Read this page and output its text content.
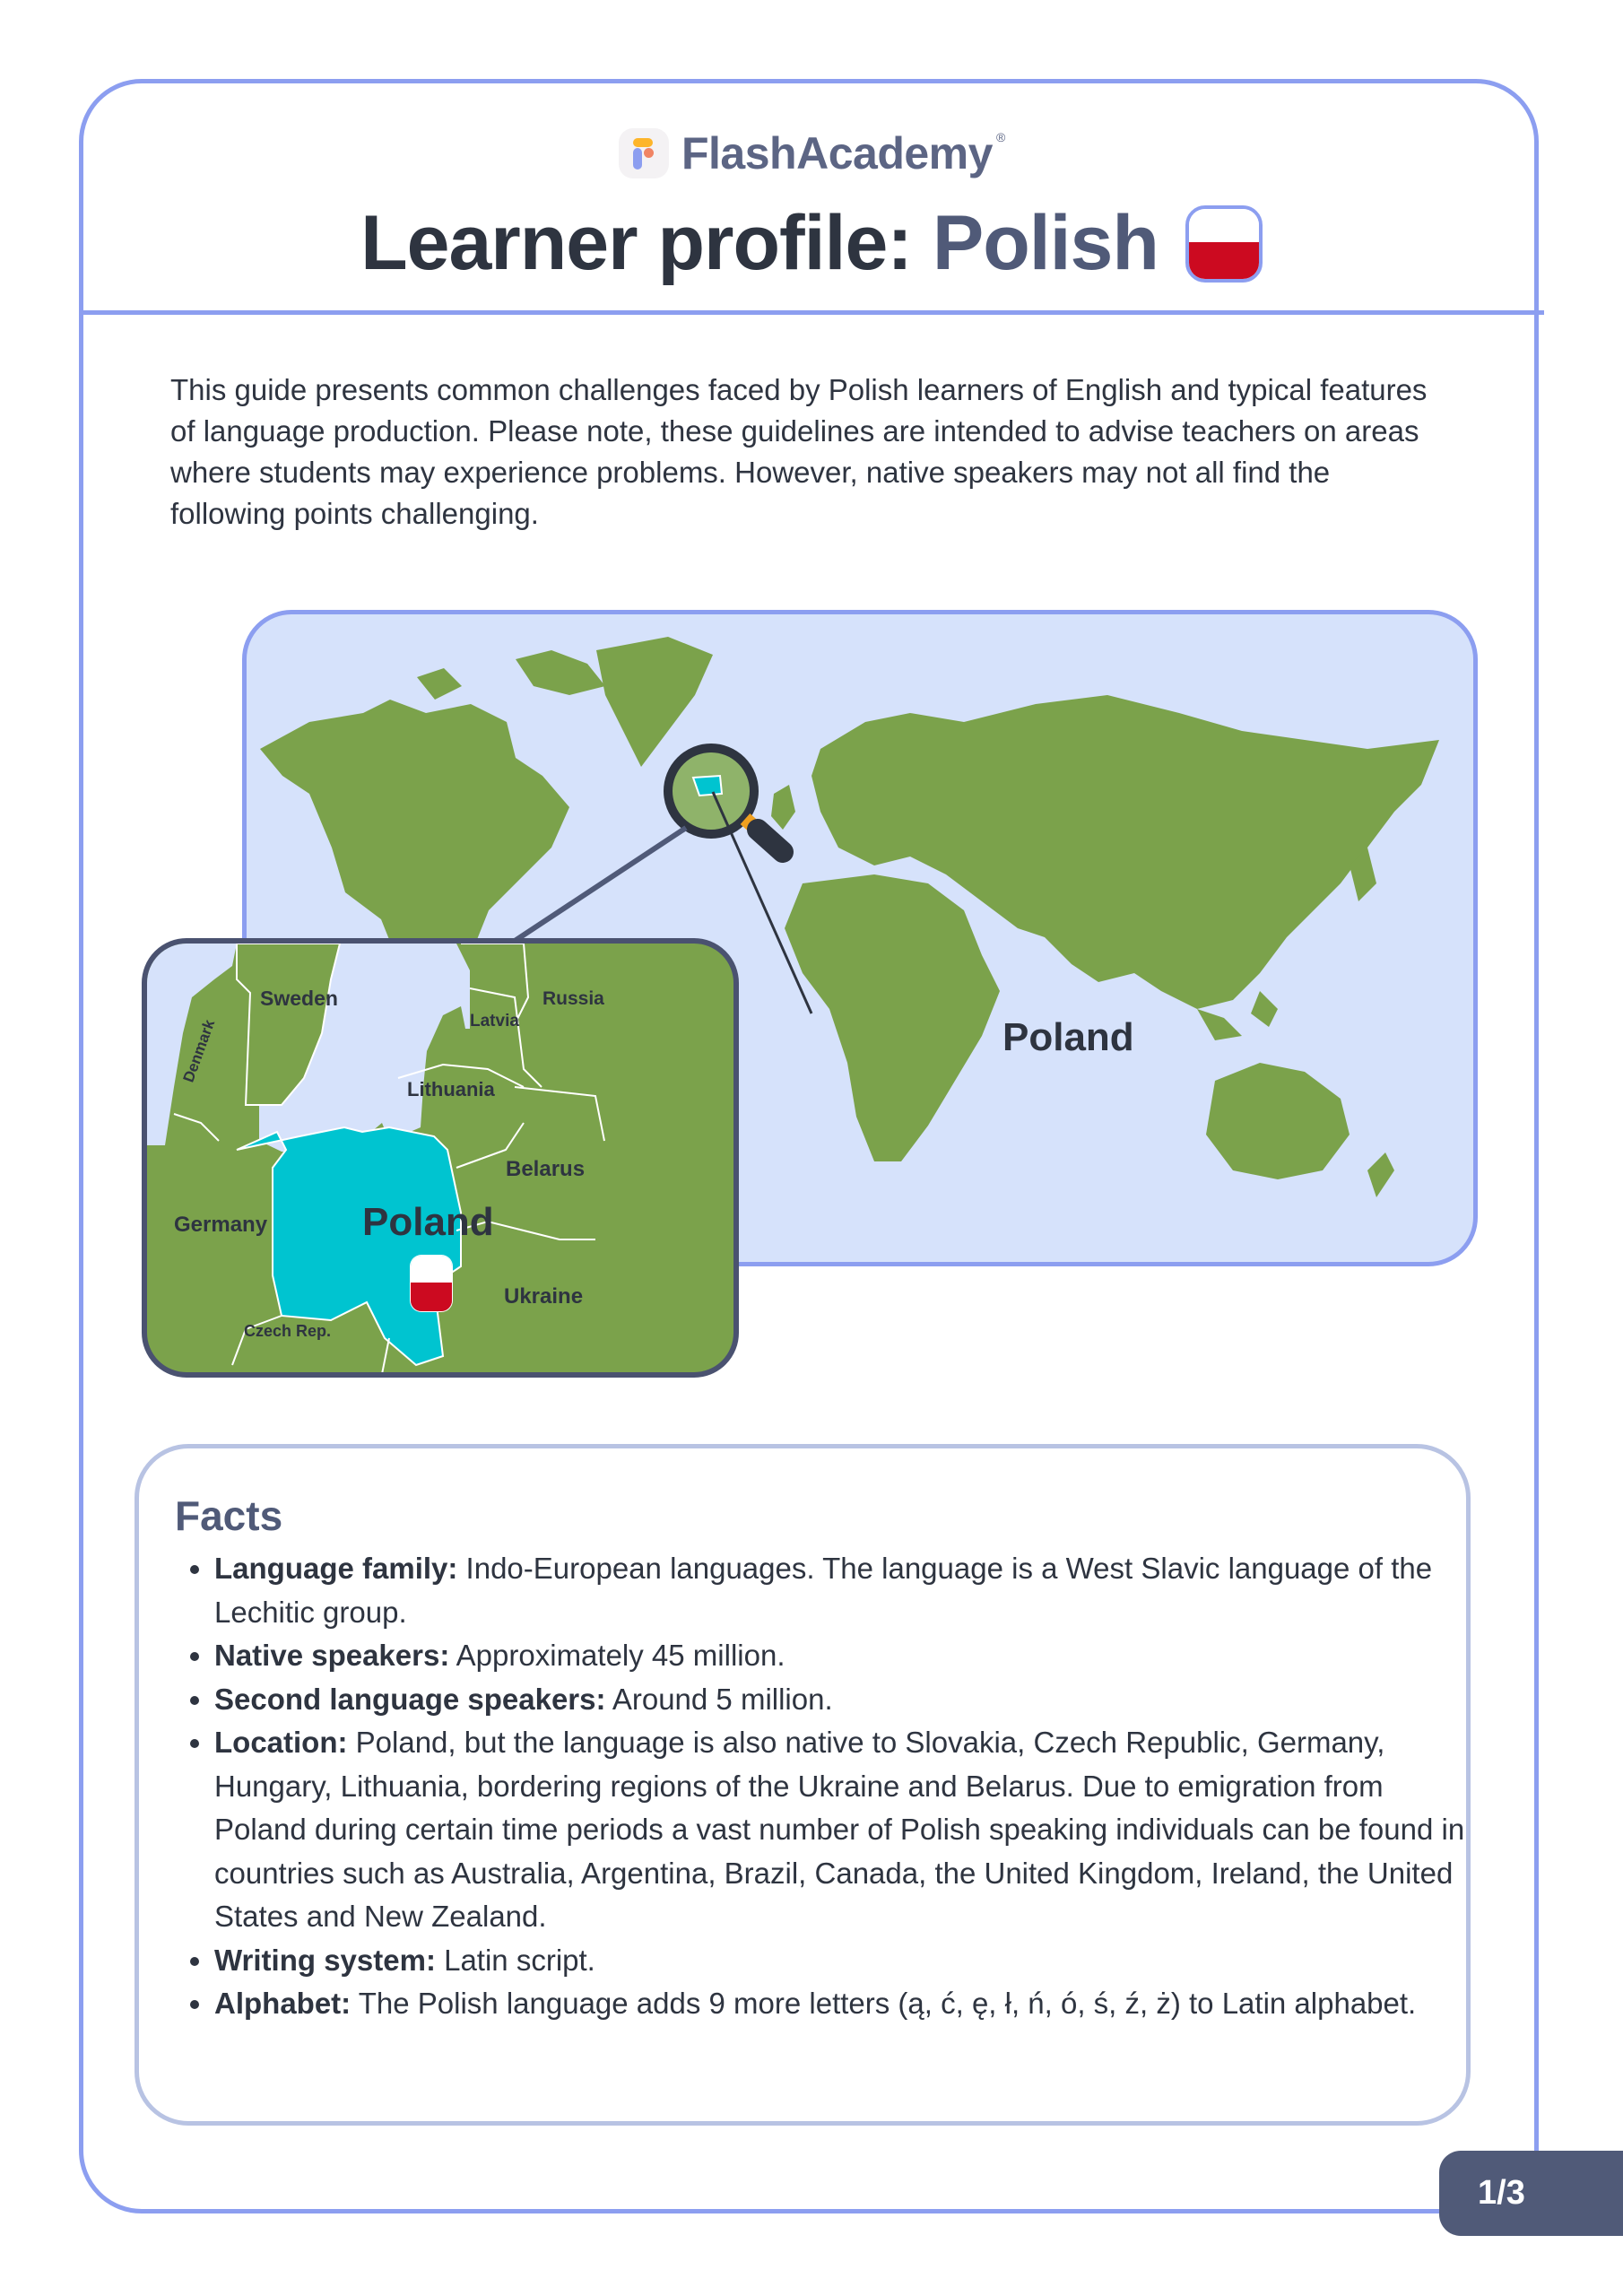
FlashAcademy ®
Learner profile: Polish

This guide presents common challenges faced by Polish learners of English and typical features of language production. Please note, these guidelines are intended to advise teachers on areas where students may experience problems. However, native speakers may not all find the following points challenging.

Poland
Sweden
Denmark	Latvia
Russia
Lithuania
Belarus
Germany Poland
Ukraine
Czech Rep.
Facts
• Language family: Indo-European languages. The language is a West Slavic language of the Lechitic group.
• Native speakers: Approximately 45 million.
• Second language speakers: Around 5 million.
• Location: Poland, but the language is also native to Slovakia, Czech Republic, Germany, Hungary, Lithuania, bordering regions of the Ukraine and Belarus. Due to emigration from Poland during certain time periods a vast number of Polish speaking individuals can be found in countries such as Australia, Argentina, Brazil, Canada, the United Kingdom, Ireland, the United States and New Zealand.
• Writing system: Latin script.
• Alphabet: The Polish language adds 9 more letters (ą, ć, ę, ł, ń, ó, ś, ź, ż) to Latin alphabet.
1/3
